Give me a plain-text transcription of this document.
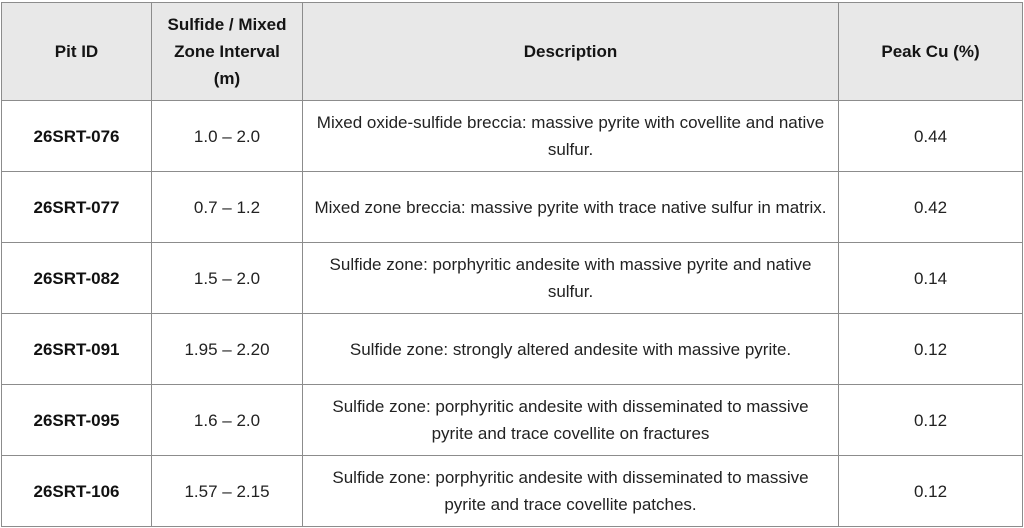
Pit ID	Sulfide / Mixed Zone Interval (m)	Description	Peak Cu (%)
26SRT-076	1.0 – 2.0	Mixed oxide-sulfide breccia: massive pyrite with covellite and native sulfur.	0.44
26SRT-077	0.7 – 1.2	Mixed zone breccia: massive pyrite with trace native sulfur in matrix.	0.42
26SRT-082	1.5 – 2.0	Sulfide zone: porphyritic andesite with massive pyrite and native sulfur.	0.14
26SRT-091	1.95 – 2.20	Sulfide zone: strongly altered andesite with massive pyrite.	0.12
26SRT-095	1.6 – 2.0	Sulfide zone: porphyritic andesite with disseminated to massive pyrite and trace covellite on fractures	0.12
26SRT-106	1.57 – 2.15	Sulfide zone: porphyritic andesite with disseminated to massive pyrite and trace covellite patches.	0.12
